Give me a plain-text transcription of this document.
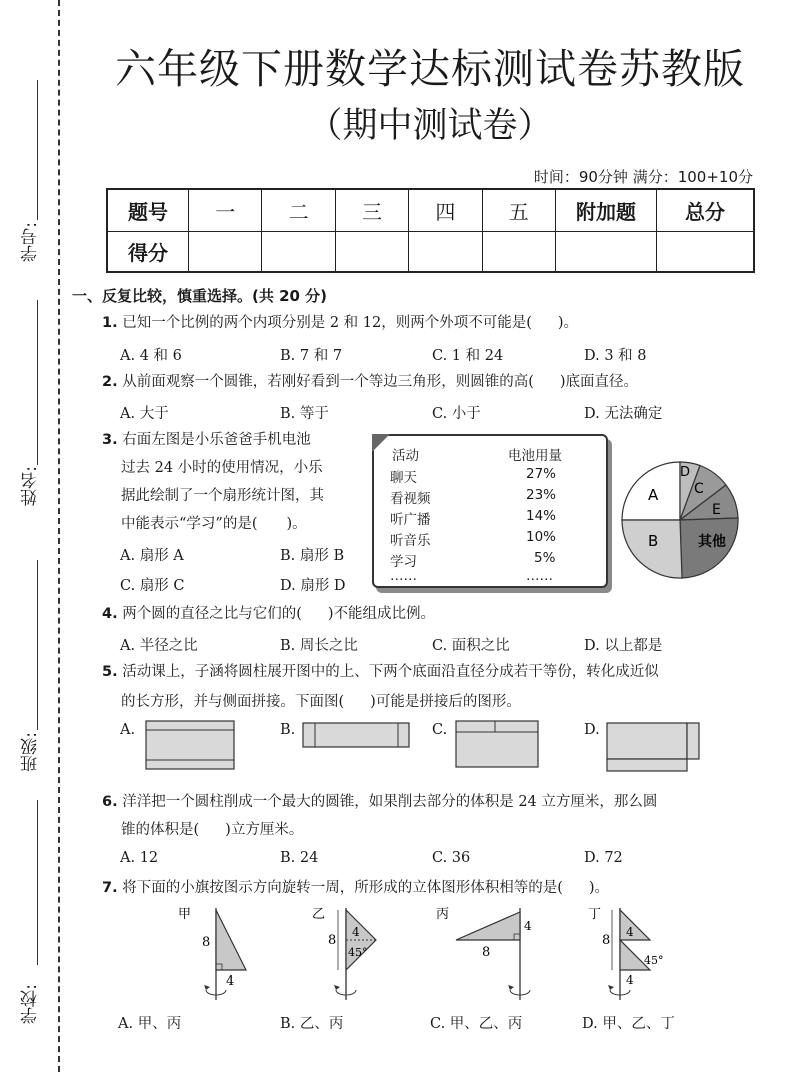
学号:
姓名:
班级:
学校:
六年级下册数学达标测试卷苏教版
（期中测试卷）
时间：90分钟 满分：100+10分
题号	一	二	三	四	五	附加题	总分
得分							
一、反复比较，慎重选择。(共 20 分)
1. 已知一个比例的两个内项分别是 2 和 12，则两个外项不可能是( )。
A. 4 和 6	B. 7 和 7	C. 1 和 24	D. 3 和 8
2. 从前面观察一个圆锥，若刚好看到一个等边三角形，则圆锥的高( )底面直径。
A. 大于	B. 等于	C. 小于	D. 无法确定
3. 右面左图是小乐爸爸手机电池
过去 24 小时的使用情况，小乐
据此绘制了一个扇形统计图，其
中能表示“学习”的是(　　)。
A. 扇形 A	B. 扇形 B
C. 扇形 C	D. 扇形 D
活动	电池用量
聊天	27%
看视频	23%
听广播	14%
听音乐	10%
学习	5%
……	……
A
B
C
D
E
其他
4. 两个圆的直径之比与它们的( )不能组成比例。
A. 半径之比	B. 周长之比	C. 面积之比	D. 以上都是
5. 活动课上，子涵将圆柱展开图中的上、下两个底面沿直径分成若干等份，转化成近似
的长方形，并与侧面拼接。下面图( )可能是拼接后的图形。
A.	B.	C.	D.
6. 洋洋把一个圆柱削成一个最大的圆锥，如果削去部分的体积是 24 立方厘米，那么圆
锥的体积是( )立方厘米。
A. 12	B. 24	C. 36	D. 72
7. 将下面的小旗按图示方向旋转一周，所形成的立体图形体积相等的是( )。
甲
8
4
乙
8
4
45°
丙
8
4
丁
8
4
45°
4
A. 甲、丙	B. 乙、丙	C. 甲、乙、丙	D. 甲、乙、丁
